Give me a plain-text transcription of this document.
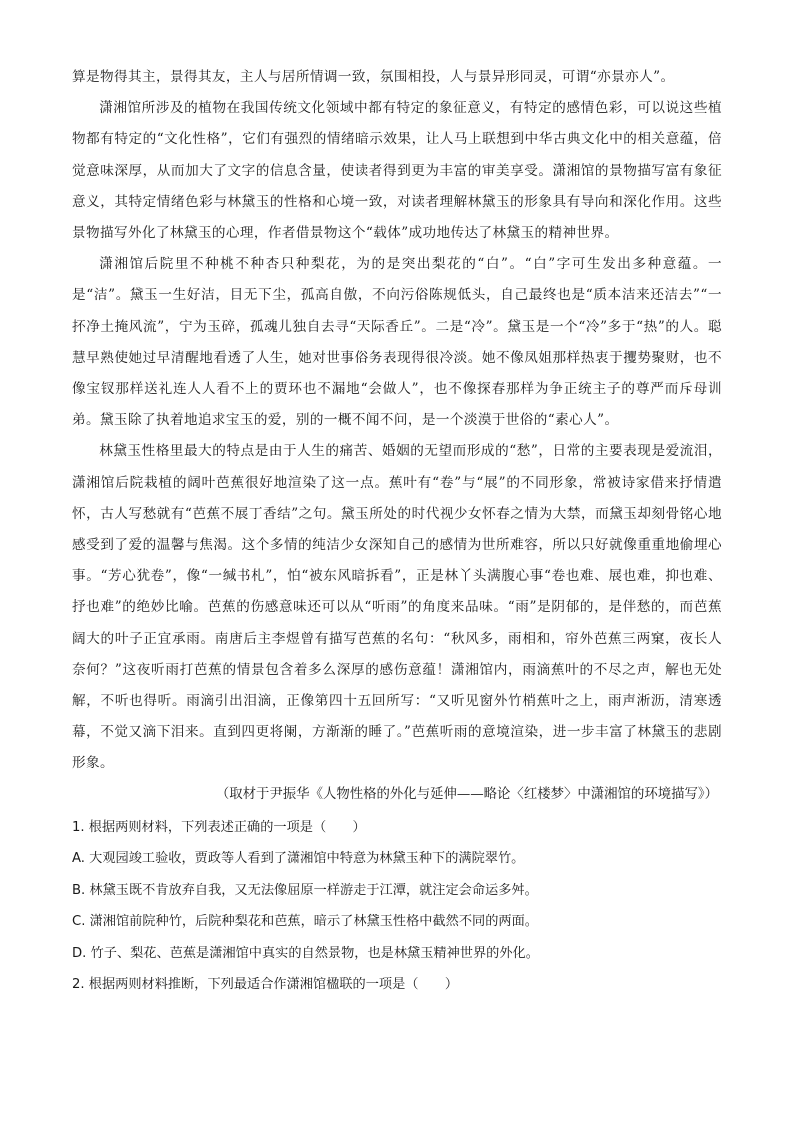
算是物得其主，景得其友，主人与居所情调一致，氛围相投，人与景异形同灵，可谓“亦景亦人”。

潇湘馆所涉及的植物在我国传统文化领域中都有特定的象征意义，有特定的感情色彩，可以说这些植物都有特定的“文化性格”，它们有强烈的情绪暗示效果，让人马上联想到中华古典文化中的相关意蕴，倍觉意味深厚，从而加大了文字的信息含量，使读者得到更为丰富的审美享受。潇湘馆的景物描写富有象征意义，其特定情绪色彩与林黛玉的性格和心境一致，对读者理解林黛玉的形象具有导向和深化作用。这些景物描写外化了林黛玉的心理，作者借景物这个“载体”成功地传达了林黛玉的精神世界。

潇湘馆后院里不种桃不种杏只种梨花，为的是突出梨花的“白”。“白”字可生发出多种意蕴。一是“洁”。黛玉一生好洁，目无下尘，孤高自傲，不向污俗陈规低头，自己最终也是“质本洁来还洁去”“一抔净土掩风流”，宁为玉碎，孤魂儿独自去寻“天际香丘”。二是“冷”。黛玉是一个“冷”多于“热”的人。聪慧早熟使她过早清醒地看透了人生，她对世事俗务表现得很冷淡。她不像凤姐那样热衷于攫势聚财，也不像宝钗那样送礼连人人看不上的贾环也不漏地“会做人”，也不像探春那样为争正统主子的尊严而斥母训弟。黛玉除了执着地追求宝玉的爱，别的一概不闻不问，是一个淡漠于世俗的“素心人”。

林黛玉性格里最大的特点是由于人生的痛苦、婚姻的无望而形成的“愁”，日常的主要表现是爱流泪，潇湘馆后院栽植的阔叶芭蕉很好地渲染了这一点。蕉叶有“卷”与“展”的不同形象，常被诗家借来抒情遣怀，古人写愁就有“芭蕉不展丁香结”之句。黛玉所处的时代视少女怀春之情为大禁，而黛玉却刻骨铭心地感受到了爱的温馨与焦渴。这个多情的纯洁少女深知自己的感情为世所难容，所以只好就像重重地偷埋心事。“芳心犹卷”，像“一缄书札”，怕“被东风暗拆看”，正是林丫头满腹心事“卷也难、展也难，抑也难、抒也难”的绝妙比喻。芭蕉的伤感意味还可以从“听雨”的角度来品味。“雨”是阴郁的，是伴愁的，而芭蕉阔大的叶子正宜承雨。南唐后主李煜曾有描写芭蕉的名句：“秋风多，雨相和，帘外芭蕉三两窠，夜长人奈何？”这夜听雨打芭蕉的情景包含着多么深厚的感伤意蕴！潇湘馆内，雨滴蕉叶的不尽之声，解也无处解，不听也得听。雨滴引出泪滴，正像第四十五回所写：“又听见窗外竹梢蕉叶之上，雨声淅沥，清寒透幕，不觉又滴下泪来。直到四更将阑，方渐渐的睡了。”芭蕉听雨的意境渲染，进一步丰富了林黛玉的悲剧形象。

（取材于尹振华《人物性格的外化与延伸——略论〈红楼梦〉中潇湘馆的环境描写》）
1. 根据两则材料，下列表述正确的一项是（　　）
A. 大观园竣工验收，贾政等人看到了潇湘馆中特意为林黛玉种下的满院翠竹。
B. 林黛玉既不肯放弃自我，又无法像屈原一样游走于江潭，就注定会命运多舛。
C. 潇湘馆前院种竹，后院种梨花和芭蕉，暗示了林黛玉性格中截然不同的两面。
D. 竹子、梨花、芭蕉是潇湘馆中真实的自然景物，也是林黛玉精神世界的外化。
2. 根据两则材料推断，下列最适合作潇湘馆楹联的一项是（　　）
